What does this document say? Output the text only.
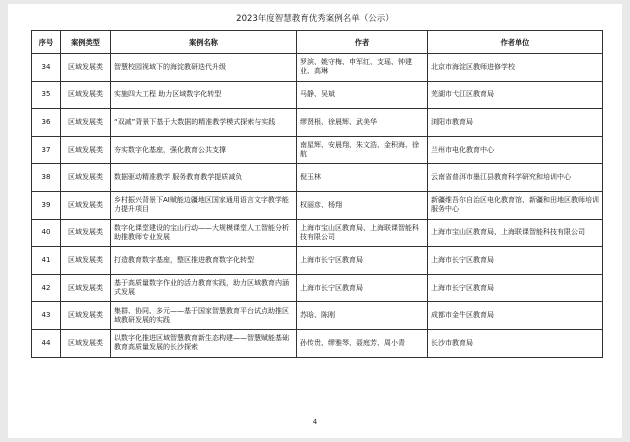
2023年度智慧教育优秀案例名单（公示）
序号	案例类型	案例名称	作者	作者单位
34	区域发展类	智慧校园视域下的海淀教研迭代升级	罗滨、姚守梅、申军红、支瑶、钟建业、高琳	北京市海淀区教师进修学校
35	区域发展类	实施四大工程 助力区域数字化转型	马静、吴斌	芜湖市弋江区教育局
36	区域发展类	“双减”背景下基于大数据的精准教学模式探索与实践	缪贤根、徐晨辉、武美华	浏阳市教育局
37	区域发展类	夯实数字化基座，强化教育公共支撑	南星辉、安晨翔、朱文浩、金积海、徐航	兰州市电化教育中心
38	区域发展类	数据驱动精准教学 服务教育教学提质减负	倪玉林	云南省普洱市墨江县教育科学研究和培训中心
39	区域发展类	乡村振兴背景下AI赋能边疆地区国家通用语言文字教学能力提升项目	权丽彦、杨翔	新疆维吾尔自治区电化教育馆、新疆和田地区教师培训服务中心
40	区域发展类	数字化课堂建设的宝山行动——大规模课堂人工智能分析助推教师专业发展	上海市宝山区教育局、上海联课智能科技有限公司	上海市宝山区教育局、上海联课智能科技有限公司
41	区域发展类	打造教育数字基座，整区推进教育数字化转型	上海市长宁区教育局	上海市长宁区教育局
42	区域发展类	基于高质量数字作业的活力教育实践，助力区域教育内涵式发展	上海市长宁区教育局	上海市长宁区教育局
43	区域发展类	集群、协同、多元——基于国家智慧教育平台试点助推区域教研发展的实践	苏晗、陈刚	成都市金牛区教育局
44	区域发展类	以数字化推进区域智慧教育新生态构建——智慧赋能基础教育高质量发展的长沙探索	孙传贵、缪雅琴、聂庭芳、周小青	长沙市教育局
4
